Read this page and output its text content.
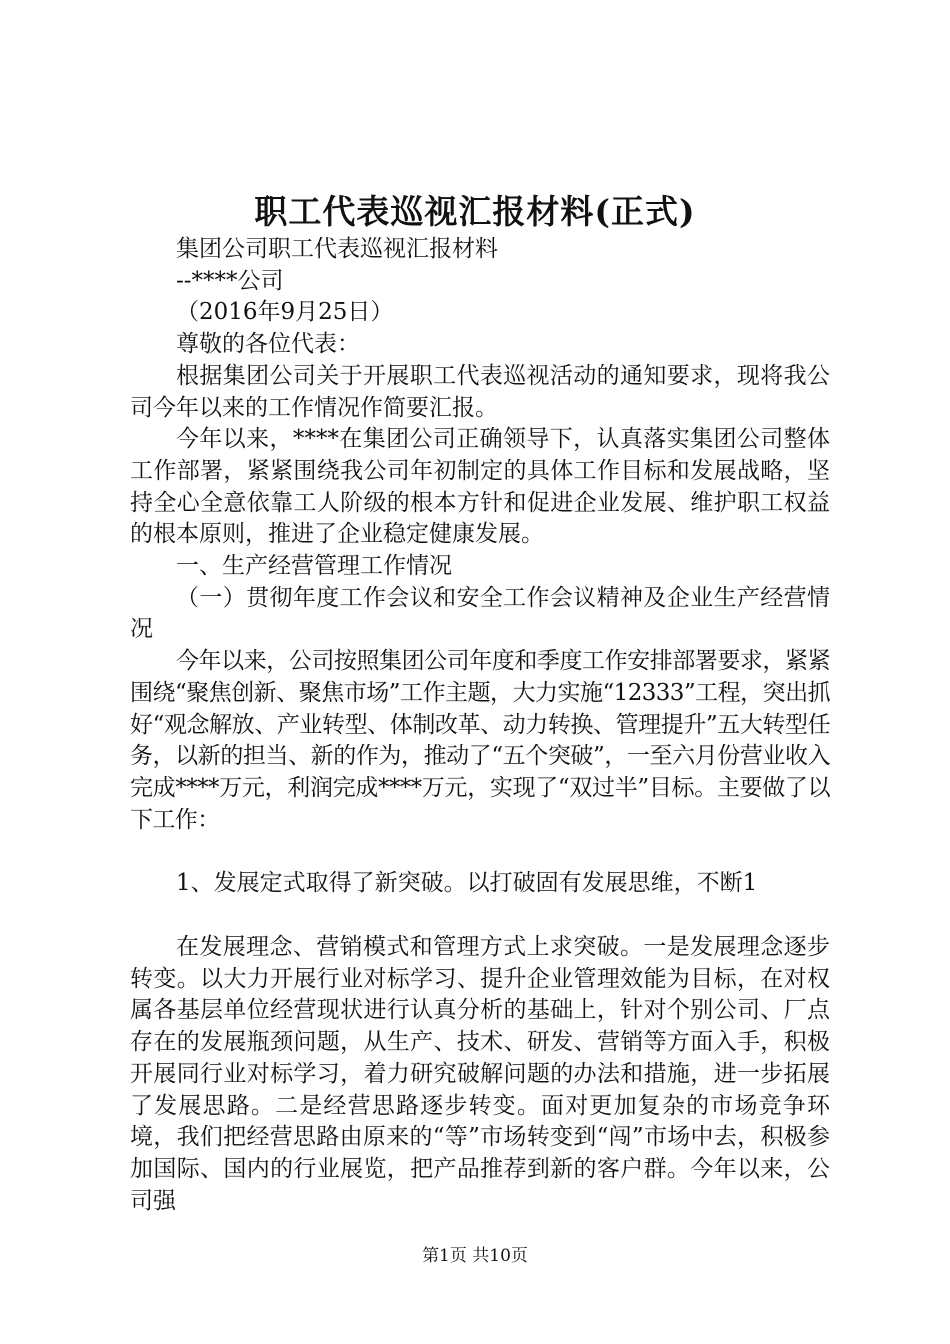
职工代表巡视汇报材料(正式)

集团公司职工代表巡视汇报材料

--****公司

（2016年9月25日）

尊敬的各位代表：

根据集团公司关于开展职工代表巡视活动的通知要求，现将我公司今年以来的工作情况作简要汇报。

今年以来，****在集团公司正确领导下，认真落实集团公司整体工作部署，紧紧围绕我公司年初制定的具体工作目标和发展战略，坚持全心全意依靠工人阶级的根本方针和促进企业发展、维护职工权益的根本原则，推进了企业稳定健康发展。

一、生产经营管理工作情况

（一）贯彻年度工作会议和安全工作会议精神及企业生产经营情况

今年以来，公司按照集团公司年度和季度工作安排部署要求，紧紧围绕“聚焦创新、聚焦市场”工作主题，大力实施“12333”工程，突出抓好“观念解放、产业转型、体制改革、动力转换、管理提升”五大转型任务，以新的担当、新的作为，推动了“五个突破”，一至六月份营业收入完成****万元，利润完成****万元，实现了“双过半”目标。主要做了以下工作：

1、发展定式取得了新突破。以打破固有发展思维，不断1

在发展理念、营销模式和管理方式上求突破。一是发展理念逐步转变。以大力开展行业对标学习、提升企业管理效能为目标，在对权属各基层单位经营现状进行认真分析的基础上，针对个别公司、厂点存在的发展瓶颈问题，从生产、技术、研发、营销等方面入手，积极开展同行业对标学习，着力研究破解问题的办法和措施，进一步拓展了发展思路。二是经营思路逐步转变。面对更加复杂的市场竞争环境，我们把经营思路由原来的“等”市场转变到“闯”市场中去，积极参加国际、国内的行业展览，把产品推荐到新的客户群。今年以来，公司强

第1页 共10页
